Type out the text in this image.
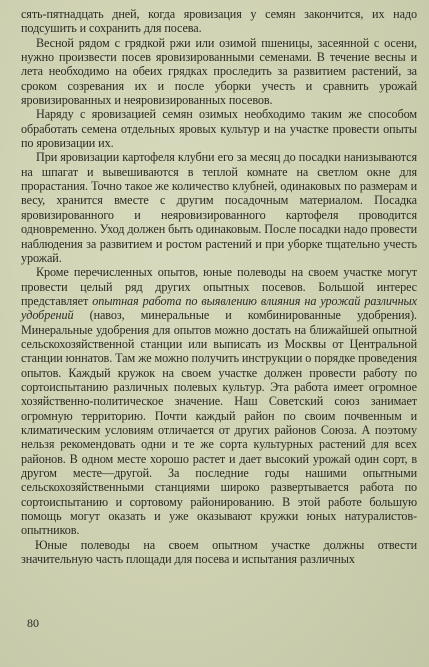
сять-пятнадцать дней, когда яровизация у семян закончится, их надо подсушить и сохранить для посева.

Весной рядом с грядкой ржи или озимой пшеницы, засеянной с осени, нужно произвести посев яровизированными семенами. В течение весны и лета необходимо на обеих грядках проследить за развитием растений, за сроком созревания их и после уборки учесть и сравнить урожай яровизированных и неяровизированных посевов.

Наряду с яровизацией семян озимых необходимо таким же способом обработать семена отдельных яровых культур и на участке провести опыты по яровизации их.

При яровизации картофеля клубни его за месяц до посадки нанизываются на шпагат и вывешиваются в теплой комнате на светлом окне для прорастания. Точно такое же количество клубней, одинаковых по размерам и весу, хранится вместе с другим посадочным материалом. Посадка яровизированного и неяровизированного картофеля проводится одновременно. Уход должен быть одинаковым. После посадки надо провести наблюдения за развитием и ростом растений и при уборке тщательно учесть урожай.

Кроме перечисленных опытов, юные полеводы на своем участке могут провести целый ряд других опытных посевов. Большой интерес представляет опытная работа по выявлению влияния на урожай различных удобрений (навоз, минеральные и комбинированные удобрения). Минеральные удобрения для опытов можно достать на ближайшей опытной сельскохозяйственной станции или выписать из Москвы от Центральной станции юннатов. Там же можно получить инструкции о порядке проведения опытов. Каждый кружок на своем участке должен провести работу по сортоиспытанию различных полевых культур. Эта работа имеет огромное хозяйственно-политическое значение. Наш Советский союз занимает огромную территорию. Почти каждый район по своим почвенным и климатическим условиям отличается от других районов Союза. А поэтому нельзя рекомендовать одни и те же сорта культурных растений для всех районов. В одном месте хорошо растет и дает высокий урожай один сорт, в другом месте—другой. За последние годы нашими опытными сельскохозяйственными станциями широко развертывается работа по сортоиспытанию и сортовому районированию. В этой работе большую помощь могут оказать и уже оказывают кружки юных натуралистов-опытников.

Юные полеводы на своем опытном участке должны отвести значительную часть площади для посева и испытания различных

80
